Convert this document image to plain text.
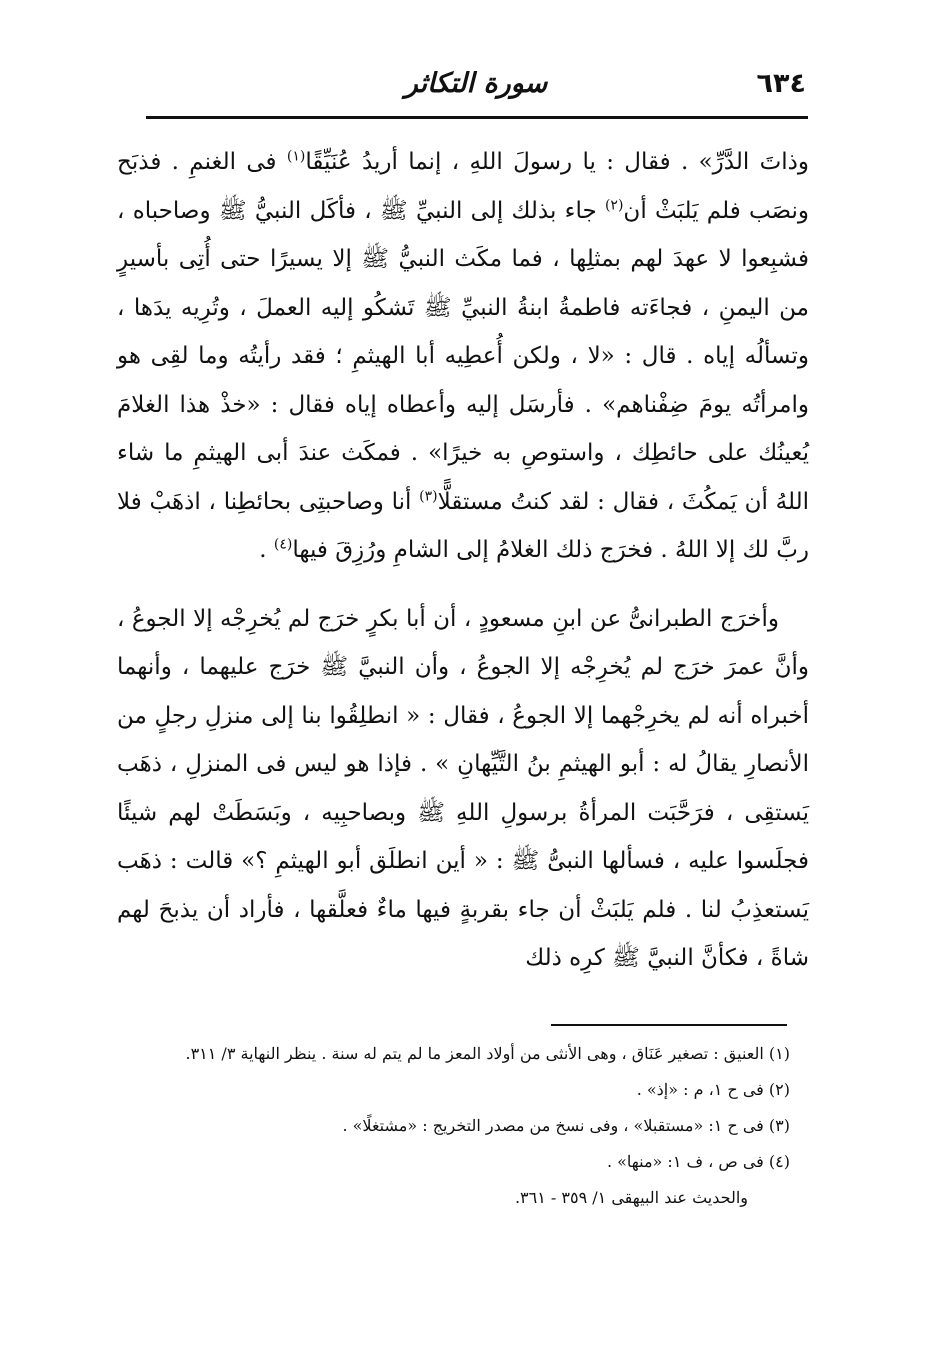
٦٣٤
سورة التكاثر

وذاتَ الدَّرِّ» . فقال : يا رسولَ اللهِ ، إنما أريدُ عُنَيِّقًا$^{(١)}$ فى الغنمِ . فذبَح ونصَب فلم يَلبَثْ أن$^{(٢)}$ جاء بذلك إلى النبيِّ ﷺ ، فأكَل النبيُّ ﷺ وصاحباه ، فشبِعوا لا عهدَ لهم بمثلِها ، فما مكَث النبيُّ ﷺ إلا يسيرًا حتى أُتِى بأسيرٍ من اليمنِ ، فجاءَته فاطمةُ ابنةُ النبيِّ ﷺ تَشكُو إليه العملَ ، وتُرِيه يدَها ، وتسألُه إياه . قال : «لا ، ولكن أُعطِيه أبا الهيثمِ ؛ فقد رأيتُه وما لقِى هو وامرأتُه يومَ ضِفْناهم» . فأرسَل إليه وأعطاه إياه فقال : «خذْ هذا الغلامَ يُعينُك على حائطِك ، واستوصِ به خيرًا» . فمكَث عندَ أبى الهيثمِ ما شاء اللهُ أن يَمكُثَ ، فقال : لقد كنتُ مستقلًّا$^{(٣)}$ أنا وصاحبتِى بحائطِنا ، اذهَبْ فلا ربَّ لك إلا اللهُ . فخرَج ذلك الغلامُ إلى الشامِ ورُزِقَ فيها$^{(٤)}$ .

وأخرَج الطبرانىُّ عن ابنِ مسعودٍ ، أن أبا بكرٍ خرَج لم يُخرِجْه إلا الجوعُ ، وأنَّ عمرَ خرَج لم يُخرِجْه إلا الجوعُ ، وأن النبيَّ ﷺ خرَج عليهما ، وأنهما أخبراه أنه لم يخرِجْهما إلا الجوعُ ، فقال : « انطلِقُوا بنا إلى منزلِ رجلٍ من الأنصارِ يقالُ له : أبو الهيثمِ بنُ التَّيِّهانِ » . فإذا هو ليس فى المنزلِ ، ذهَب يَستقِى ، فرَحَّبَت المرأةُ برسولِ اللهِ ﷺ وبصاحبِيه ، وبَسَطَتْ لهم شيئًا فجلَسوا عليه ، فسألها النبىُّ ﷺ : « أين انطلَق أبو الهيثمِ ؟» قالت : ذهَب يَستعذِبُ لنا . فلم يَلبَثْ أن جاء بقربةٍ فيها ماءٌ فعلَّقها ، فأراد أن يذبحَ لهم شاةً ، فكأنَّ النبيَّ ﷺ كرِه ذلك

(١) العنيق : تصغير عَنَاق ، وهى الأنثى من أولاد المعز ما لم يتم له سنة . ينظر النهاية ٣/ ٣١١.
(٢) فى ح ١، م : «إذ» .
(٣) فى ح ١: «مستقبلا» ، وفى نسخ من مصدر التخريج : «مشتغلًا» .
(٤) فى ص ، ف ١: «منها» .
والحديث عند البيهقى ١/ ٣٥٩ - ٣٦١.
